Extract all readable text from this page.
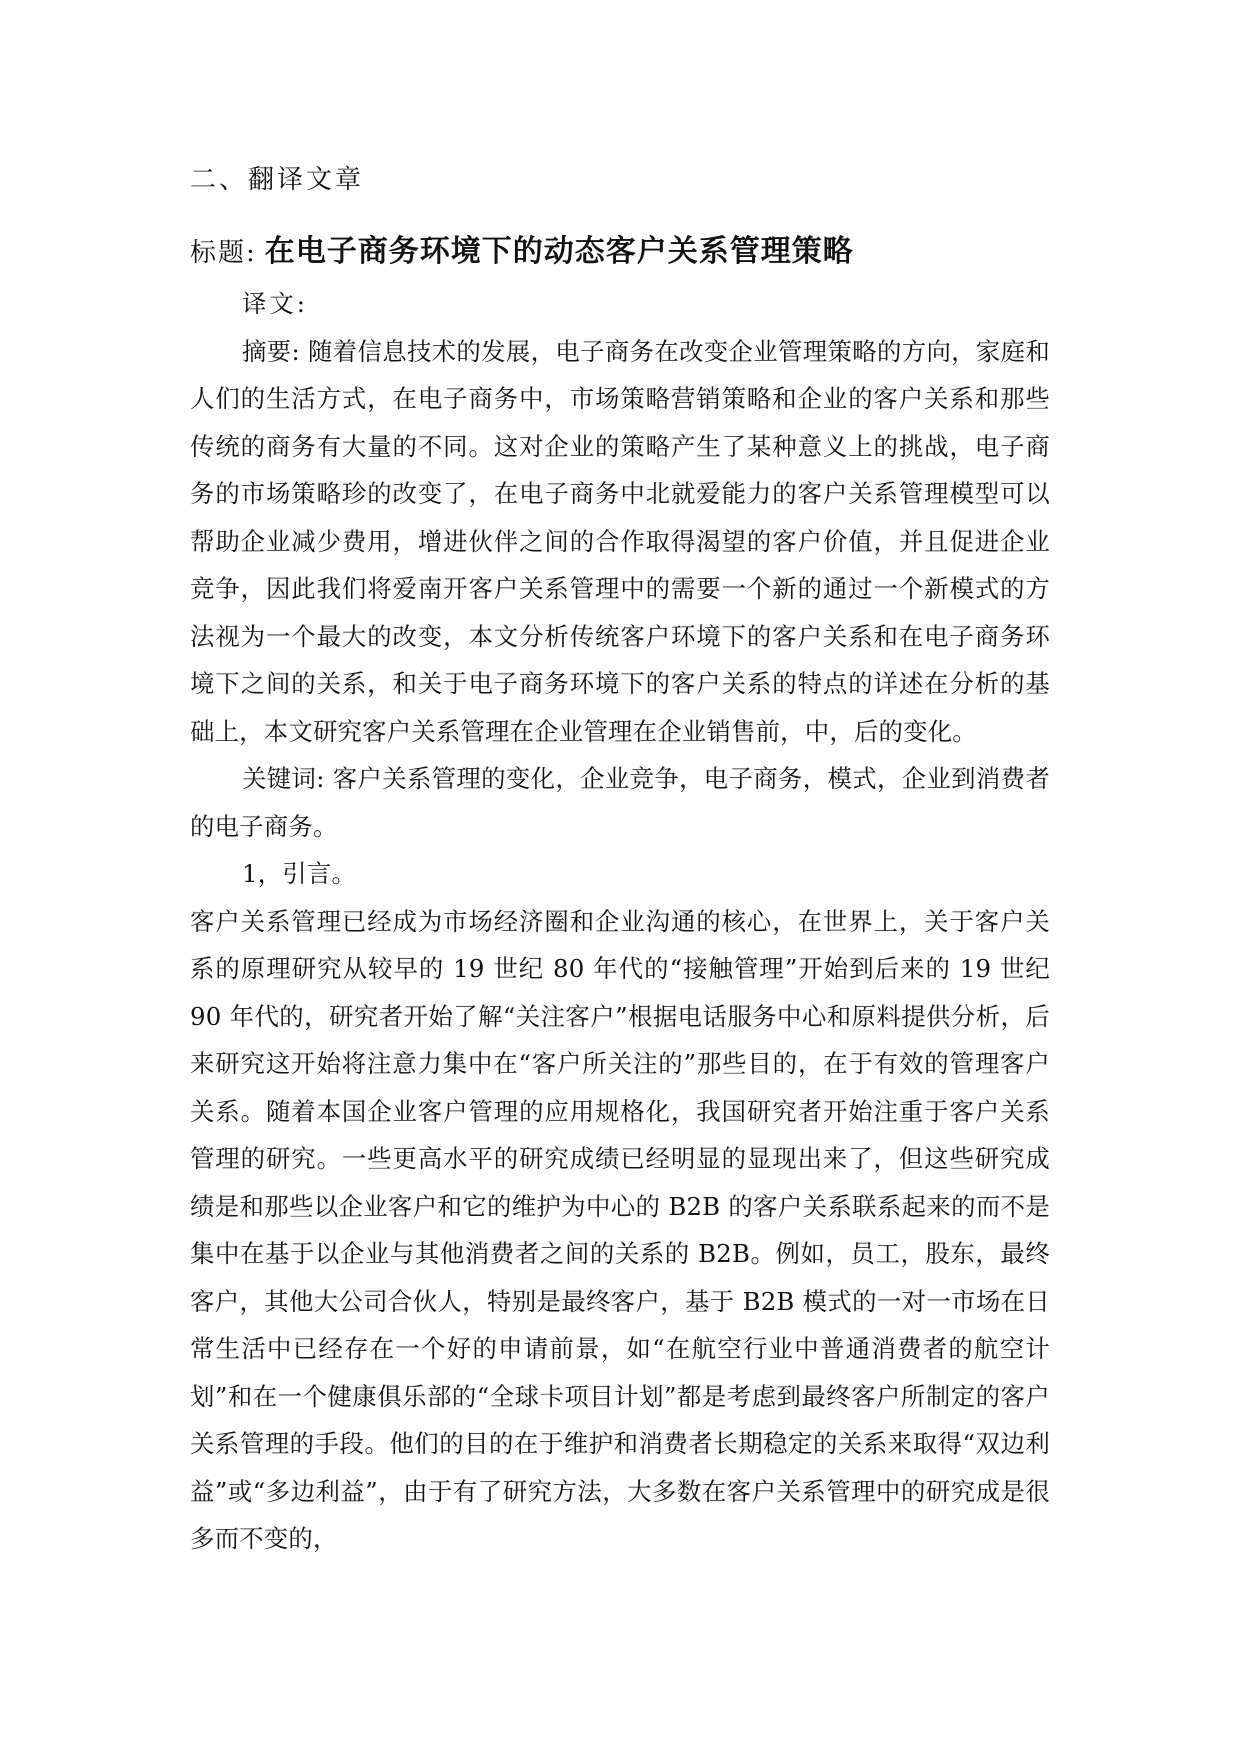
二、翻译文章
标题: 在电子商务环境下的动态客户关系管理策略

译文:

摘要: 随着信息技术的发展，电子商务在改变企业管理策略的方向，家庭和人们的生活方式，在电子商务中，市场策略营销策略和企业的客户关系和那些传统的商务有大量的不同。这对企业的策略产生了某种意义上的挑战，电子商务的市场策略珍的改变了，在电子商务中北就爱能力的客户关系管理模型可以帮助企业减少费用，增进伙伴之间的合作取得渴望的客户价值，并且促进企业竞争，因此我们将爱南开客户关系管理中的需要一个新的通过一个新模式的方法视为一个最大的改变，本文分析传统客户环境下的客户关系和在电子商务环境下之间的关系，和关于电子商务环境下的客户关系的特点的详述在分析的基础上，本文研究客户关系管理在企业管理在企业销售前，中，后的变化。

关键词: 客户关系管理的变化，企业竞争，电子商务，模式，企业到消费者的电子商务。

1，引言。

客户关系管理已经成为市场经济圈和企业沟通的核心，在世界上，关于客户关系的原理研究从较早的 19 世纪 80 年代的“接触管理”开始到后来的 19 世纪 90 年代的，研究者开始了解“关注客户”根据电话服务中心和原料提供分析，后来研究这开始将注意力集中在“客户所关注的”那些目的，在于有效的管理客户关系。随着本国企业客户管理的应用规格化，我国研究者开始注重于客户关系管理的研究。一些更高水平的研究成绩已经明显的显现出来了，但这些研究成绩是和那些以企业客户和它的维护为中心的 B2B 的客户关系联系起来的而不是集中在基于以企业与其他消费者之间的关系的 B2B。例如，员工，股东，最终客户，其他大公司合伙人，特别是最终客户，基于 B2B 模式的一对一市场在日常生活中已经存在一个好的申请前景，如“在航空行业中普通消费者的航空计划”和在一个健康俱乐部的“全球卡项目计划”都是考虑到最终客户所制定的客户关系管理的手段。他们的目的在于维护和消费者长期稳定的关系来取得“双边利益”或“多边利益”，由于有了研究方法，大多数在客户关系管理中的研究成是很多而不变的，
